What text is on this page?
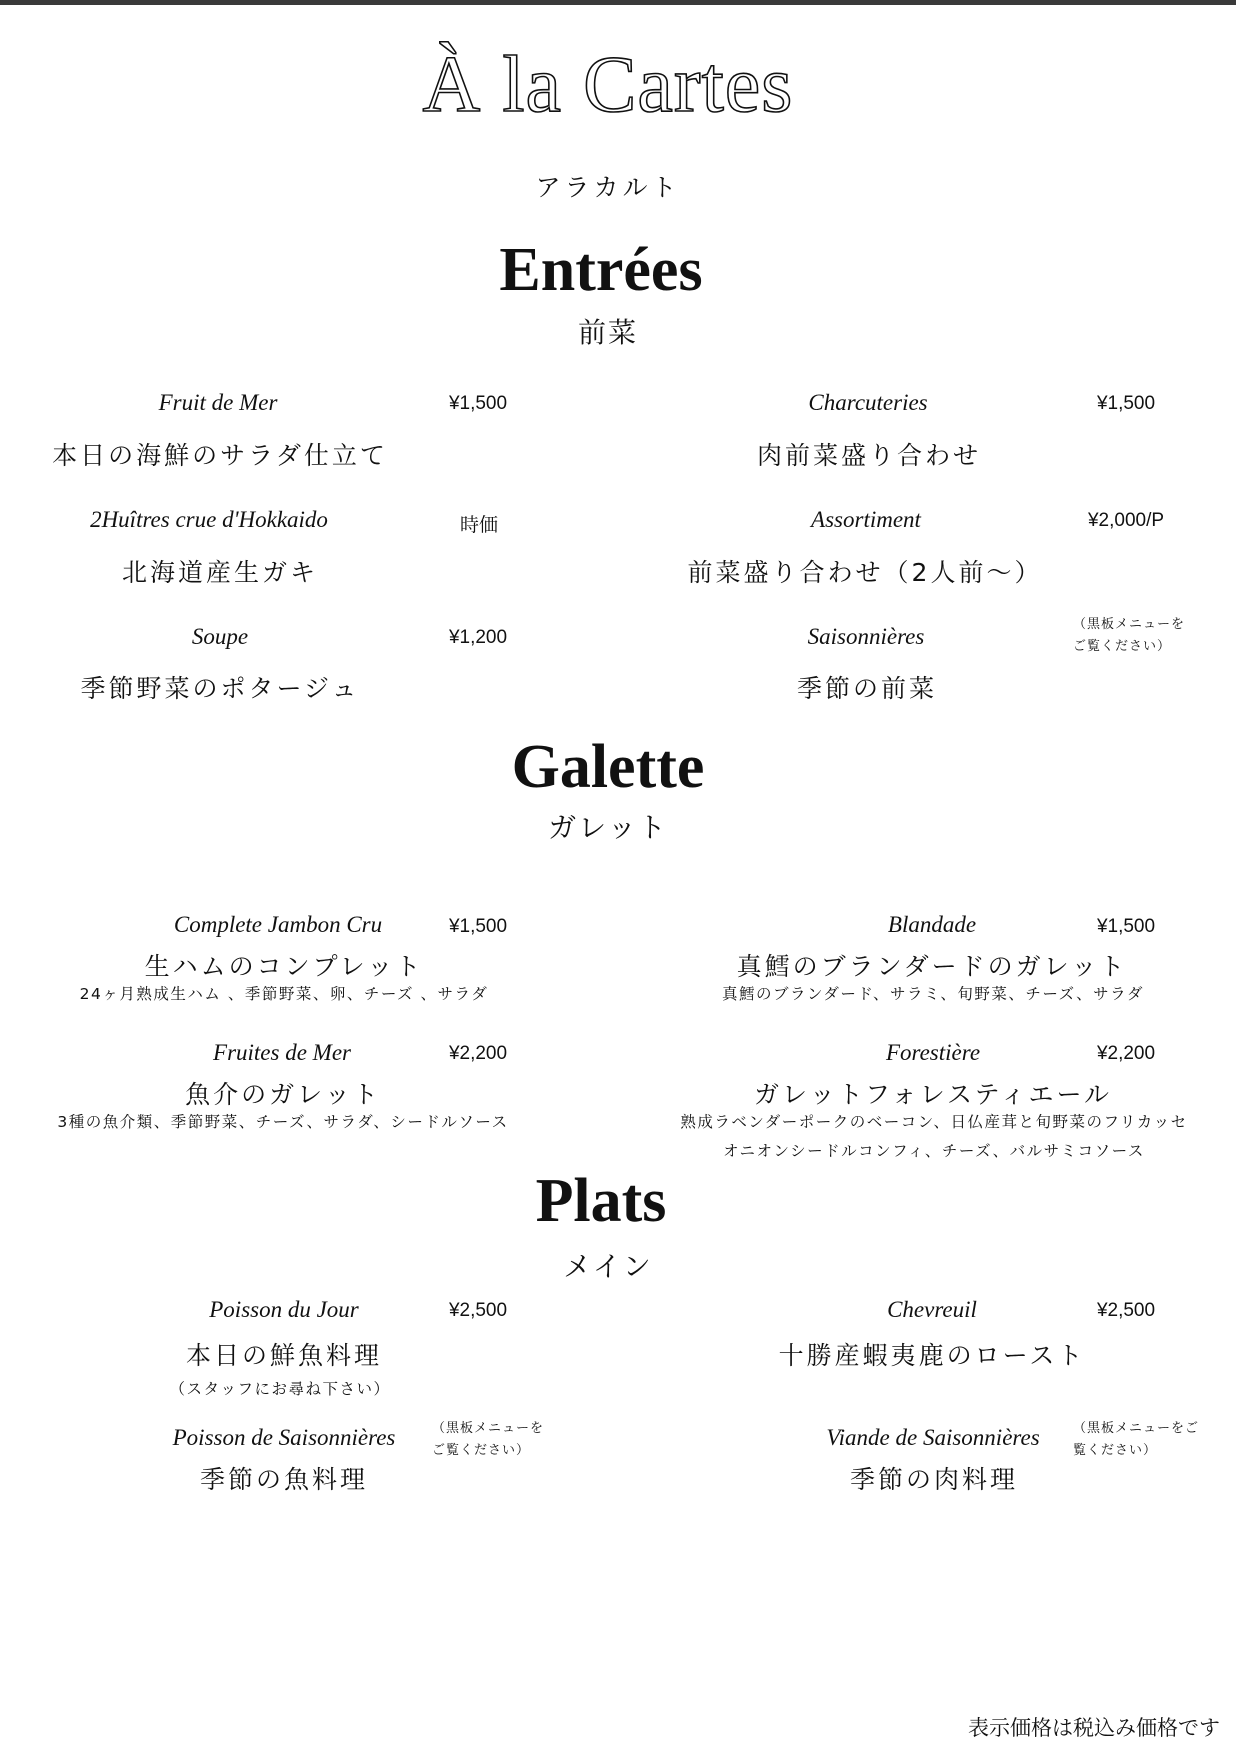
À la Cartes
アラカルト
Entrées
前菜
Fruit de Mer	¥1,500
本日の海鮮のサラダ仕立て
Charcuteries	¥1,500
肉前菜盛り合わせ
2Huîtres crue d'Hokkaido	時価
北海道産生ガキ
Assortiment	¥2,000/P
前菜盛り合わせ（2人前〜）
Soupe	¥1,200
季節野菜のポタージュ
Saisonnières	（黒板メニューを
ご覧ください）
季節の前菜
Galette
ガレット
Complete Jambon Cru	¥1,500
生ハムのコンプレット
24ヶ月熟成生ハム 、季節野菜、卵、チーズ 、サラダ
Blandade	¥1,500
真鱈のブランダードのガレット
真鱈のブランダード、サラミ、旬野菜、チーズ、サラダ
Fruites de Mer	¥2,200
魚介のガレット
3種の魚介類、季節野菜、チーズ、サラダ、シードルソース
Forestière	¥2,200
ガレットフォレスティエール
熟成ラベンダーポークのベーコン、日仏産茸と旬野菜のフリカッセ
オニオンシードルコンフィ、チーズ、バルサミコソース
Plats
メイン
Poisson du Jour	¥2,500
本日の鮮魚料理
（スタッフにお尋ね下さい）
Chevreuil	¥2,500
十勝産蝦夷鹿のロースト
Poisson de Saisonnières	（黒板メニューを
ご覧ください）
季節の魚料理
Viande de Saisonnières	（黒板メニューをご
覧ください）
季節の肉料理
表示価格は税込み価格です
